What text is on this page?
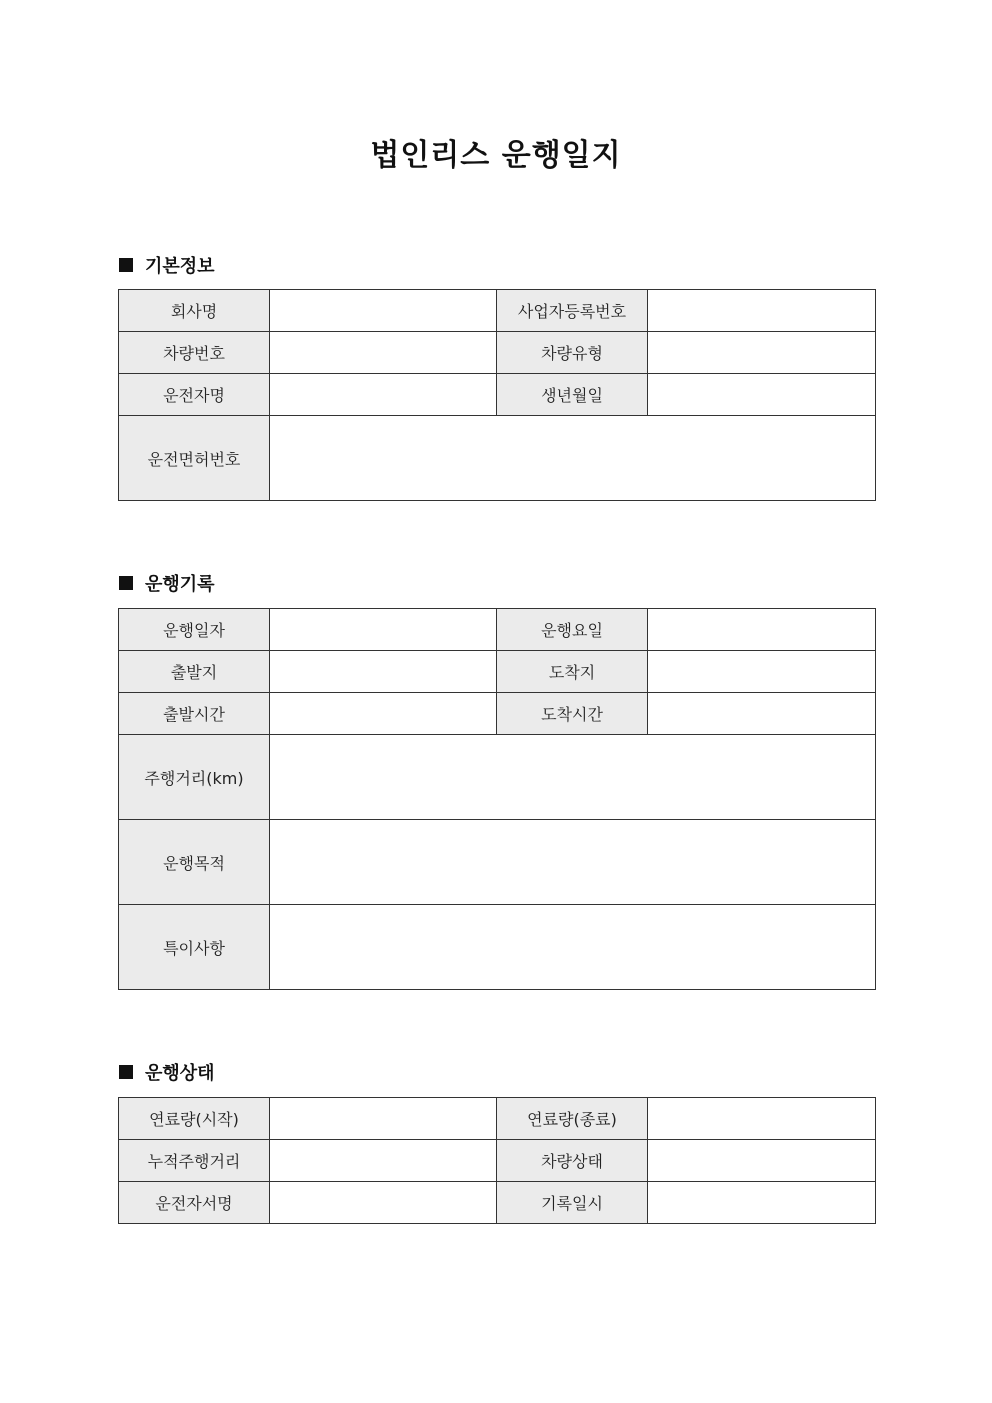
법인리스 운행일지
기본정보
회사명		사업자등록번호	
차량번호		차량유형	
운전자명		생년월일	
운전면허번호			
운행기록
운행일자		운행요일	
출발지		도착지	
출발시간		도착시간	
주행거리(km)			
운행목적			
특이사항			
운행상태
연료량(시작)		연료량(종료)	
누적주행거리		차량상태	
운전자서명		기록일시	
